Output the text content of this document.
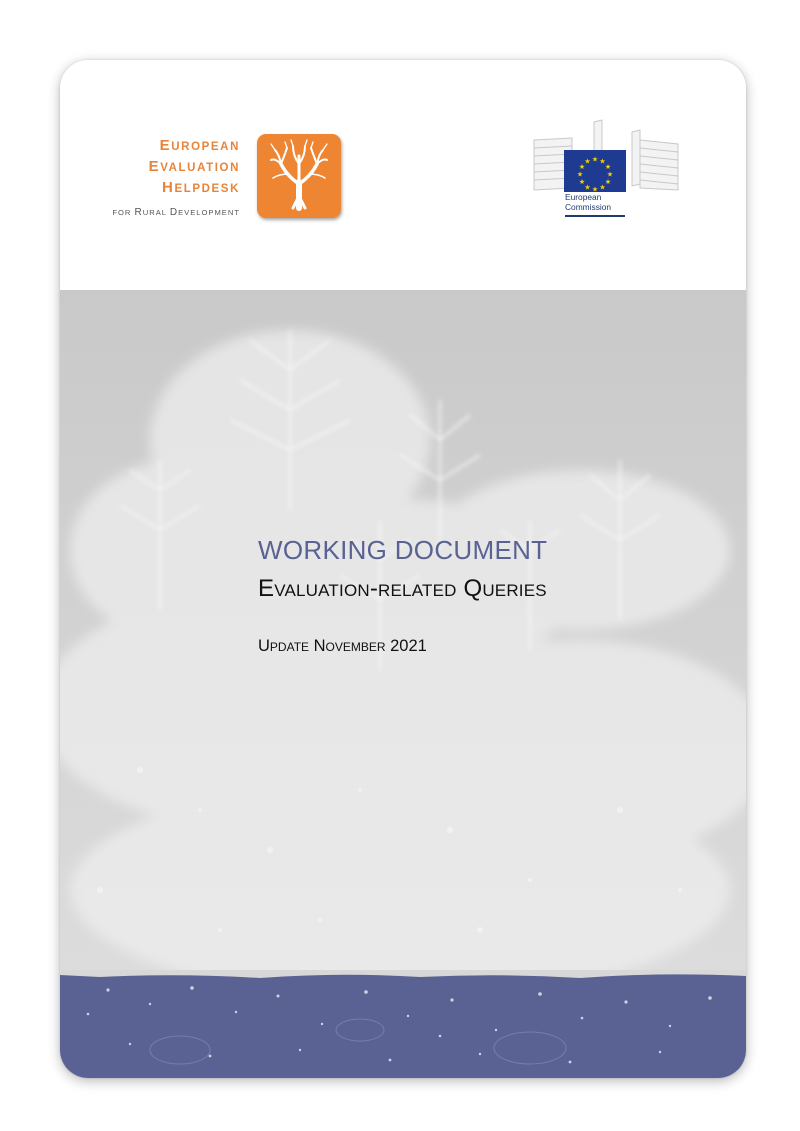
EUROPEAN
EVALUATION
HELPDESK
FOR RURAL DEVELOPMENT
★ ★
★
★
★
★
★
★
★
★
★
★
European
Commission
WORKING DOCUMENT
Evaluation-related Queries
Update November 2021
